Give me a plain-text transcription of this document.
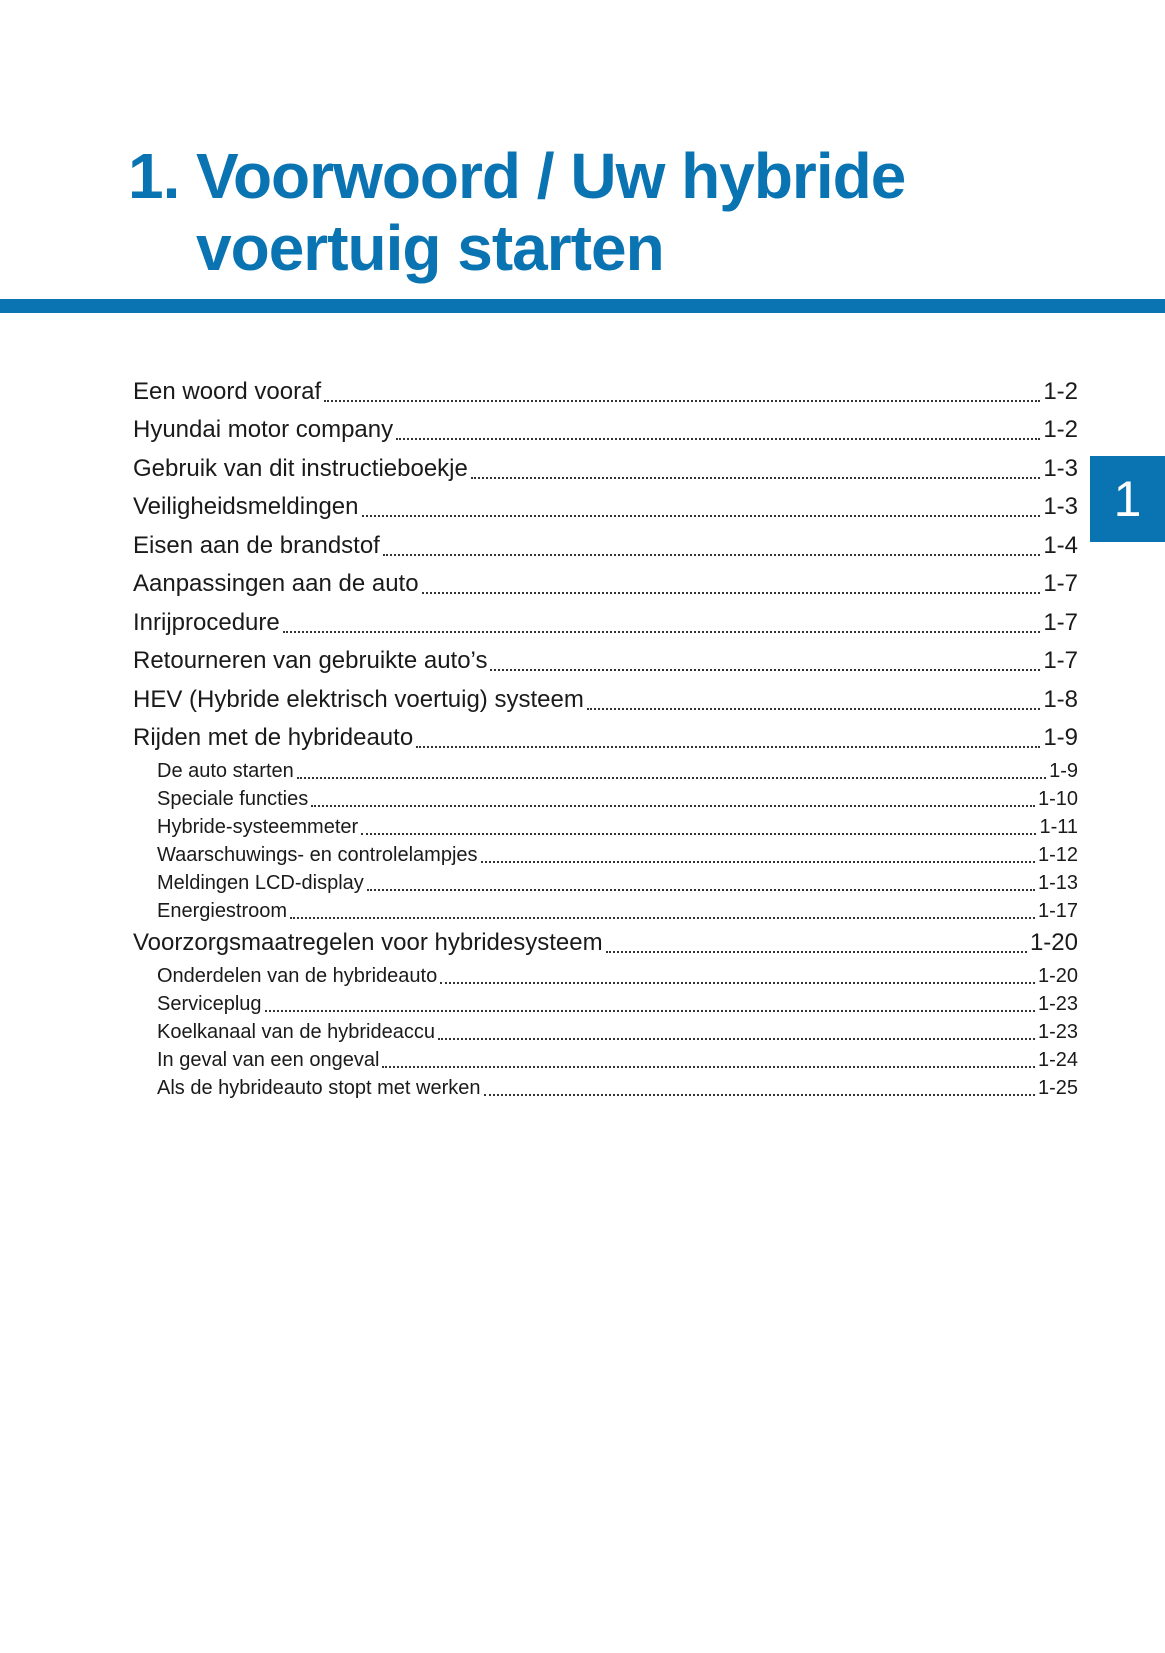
1. Voorwoord / Uw hybride
voertuig starten
1
Een woord vooraf	1-2
Hyundai motor company	1-2
Gebruik van dit instructieboekje	1-3
Veiligheidsmeldingen	1-3
Eisen aan de brandstof	1-4
Aanpassingen aan de auto	1-7
Inrijprocedure	1-7
Retourneren van gebruikte auto’s	1-7
HEV (Hybride elektrisch voertuig) systeem	1-8
Rijden met de hybrideauto	1-9
De auto starten	1-9
Speciale functies	1-10
Hybride-systeemmeter	1-11
Waarschuwings- en controlelampjes	1-12
Meldingen LCD-display	1-13
Energiestroom	1-17
Voorzorgsmaatregelen voor hybridesysteem	1-20
Onderdelen van de hybrideauto	1-20
Serviceplug	1-23
Koelkanaal van de hybrideaccu	1-23
In geval van een ongeval	1-24
Als de hybrideauto stopt met werken	1-25
